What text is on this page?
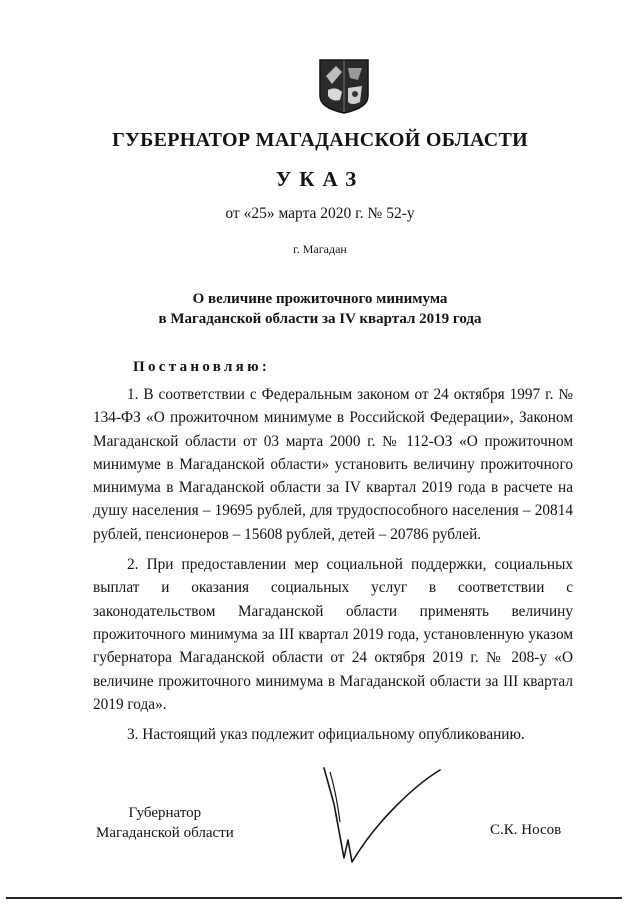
ГУБЕРНАТОР МАГАДАНСКОЙ ОБЛАСТИ
УКАЗ
от «25» марта 2020 г. № 52-у
г. Магадан
О величине прожиточного минимума
в Магаданской области за IV квартал 2019 года
Постановляю:

1. В соответствии с Федеральным законом от 24 октября 1997 г. № 134-ФЗ «О прожиточном минимуме в Российской Федерации», Законом Магаданской области от 03 марта 2000 г. № 112-ОЗ «О прожиточном минимуме в Магаданской области» установить величину прожиточного минимума в Магаданской области за IV квартал 2019 года в расчете на душу населения – 19695 рублей, для трудоспособного населения – 20814 рублей, пенсионеров – 15608 рублей, детей – 20786 рублей.

2. При предоставлении мер социальной поддержки, социальных выплат и оказания социальных услуг в соответствии с законодательством Магаданской области применять величину прожиточного минимума за III квартал 2019 года, установленную указом губернатора Магаданской области от 24 октября 2019 г. № 208-у «О величине прожиточного минимума в Магаданской области за III квартал 2019 года».

3. Настоящий указ подлежит официальному опубликованию.

Губернатор
Магаданской области	С.К. Носов
